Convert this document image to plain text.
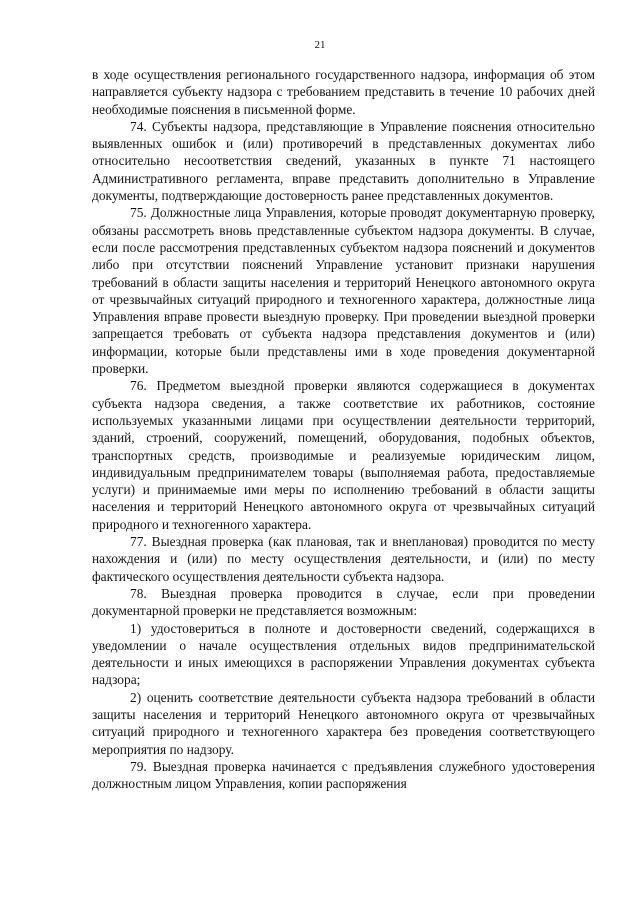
21

в ходе осуществления регионального государственного надзора, информация об этом направляется субъекту надзора с требованием представить в течение 10 рабочих дней необходимые пояснения в письменной форме.

74. Субъекты надзора, представляющие в Управление пояснения относительно выявленных ошибок и (или) противоречий в представленных документах либо относительно несоответствия сведений, указанных в пункте 71 настоящего Административного регламента, вправе представить дополнительно в Управление документы, подтверждающие достоверность ранее представленных документов.

75. Должностные лица Управления, которые проводят документарную проверку, обязаны рассмотреть вновь представленные субъектом надзора документы. В случае, если после рассмотрения представленных субъектом надзора пояснений и документов либо при отсутствии пояснений Управление установит признаки нарушения требований в области защиты населения и территорий Ненецкого автономного округа от чрезвычайных ситуаций природного и техногенного характера, должностные лица Управления вправе провести выездную проверку. При проведении выездной проверки запрещается требовать от субъекта надзора представления документов и (или) информации, которые были представлены ими в ходе проведения документарной проверки.

76. Предметом выездной проверки являются содержащиеся в документах субъекта надзора сведения, а также соответствие их работников, состояние используемых указанными лицами при осуществлении деятельности территорий, зданий, строений, сооружений, помещений, оборудования, подобных объектов, транспортных средств, производимые и реализуемые юридическим лицом, индивидуальным предпринимателем товары (выполняемая работа, предоставляемые услуги) и принимаемые ими меры по исполнению требований в области защиты населения и территорий Ненецкого автономного округа от чрезвычайных ситуаций природного и техногенного характера.

77. Выездная проверка (как плановая, так и внеплановая) проводится по месту нахождения и (или) по месту осуществления деятельности, и (или) по месту фактического осуществления деятельности субъекта надзора.

78. Выездная проверка проводится в случае, если при проведении документарной проверки не представляется возможным:

1) удостовериться в полноте и достоверности сведений, содержащихся в уведомлении о начале осуществления отдельных видов предпринимательской деятельности и иных имеющихся в распоряжении Управления документах субъекта надзора;

2) оценить соответствие деятельности субъекта надзора требований в области защиты населения и территорий Ненецкого автономного округа от чрезвычайных ситуаций природного и техногенного характера без проведения соответствующего мероприятия по надзору.

79. Выездная проверка начинается с предъявления служебного удостоверения должностным лицом Управления, копии распоряжения
